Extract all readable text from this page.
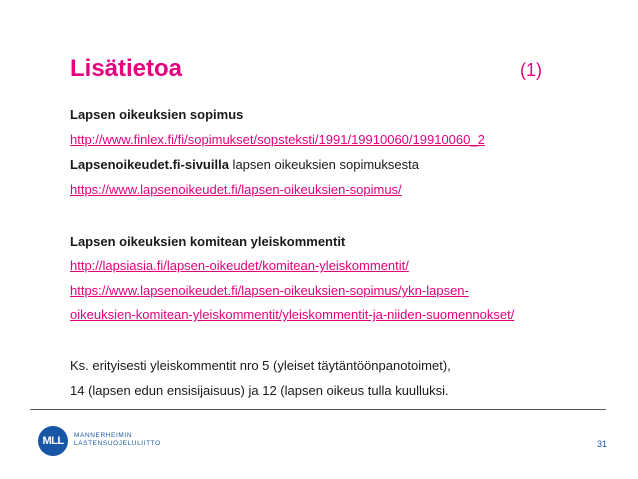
Lisätietoa	(1)
Lapsen oikeuksien sopimus
http://www.finlex.fi/fi/sopimukset/sopsteksti/1991/19910060/19910060_2
Lapsenoikeudet.fi-sivuilla lapsen oikeuksien sopimuksesta
https://www.lapsenoikeudet.fi/lapsen-oikeuksien-sopimus/
Lapsen oikeuksien komitean yleiskommentit
http://lapsiasia.fi/lapsen-oikeudet/komitean-yleiskommentit/
https://www.lapsenoikeudet.fi/lapsen-oikeuksien-sopimus/ykn-lapsen-
oikeuksien-komitean-yleiskommentit/yleiskommentit-ja-niiden-suomennokset/
Ks. erityisesti yleiskommentit nro 5 (yleiset täytäntöönpanotoimet),
14 (lapsen edun ensisijaisuus) ja 12 (lapsen oikeus tulla kuulluksi.
MLL	MANNERHEIMIN
LASTENSUOJELULIITTO	31
